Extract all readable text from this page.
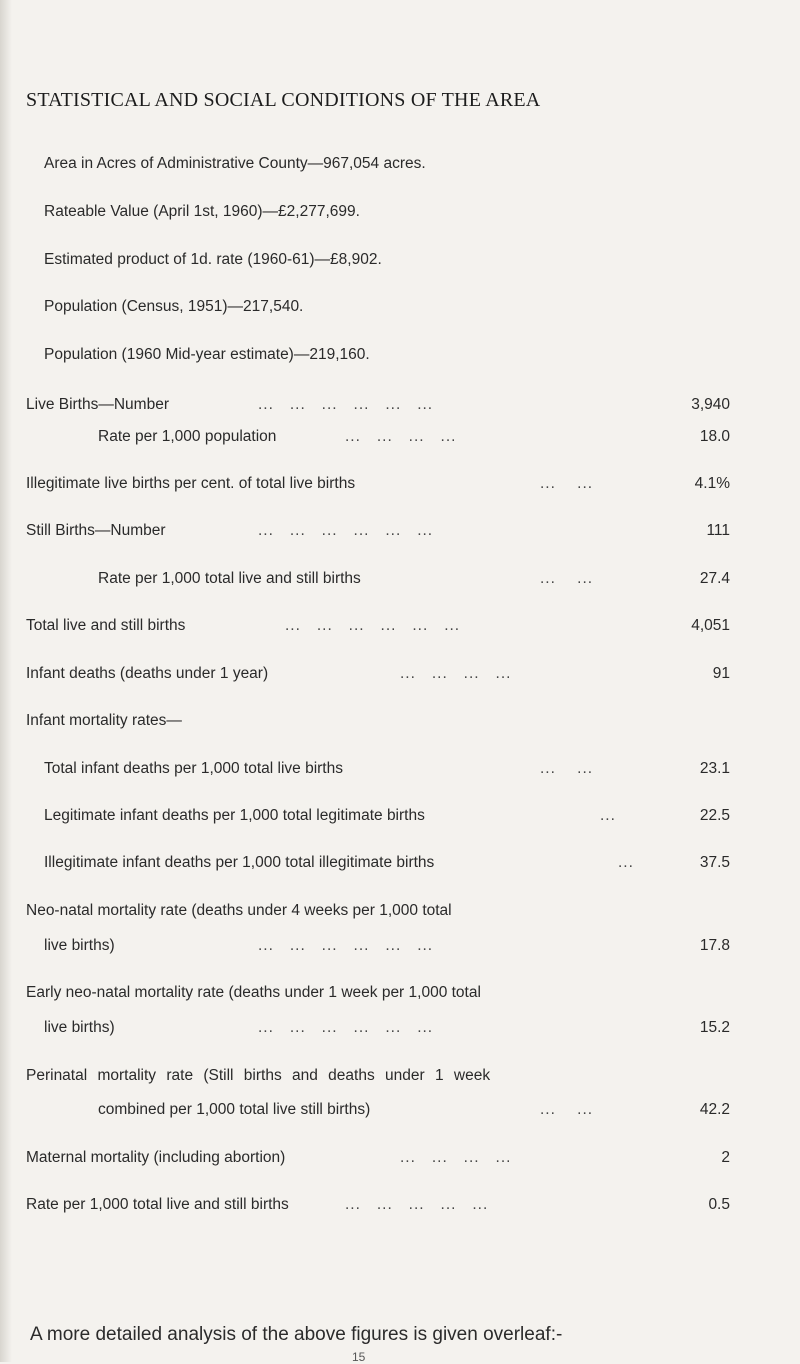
STATISTICAL AND SOCIAL CONDITIONS OF THE AREA
Area in Acres of Administrative County—967,054 acres.
Rateable Value (April 1st, 1960)—£2,277,699.
Estimated product of 1d. rate (1960-61)—£8,902.
Population (Census, 1951)—217,540.
Population (1960 Mid-year estimate)—219,160.
Live Births—Number	...   ...   ...   ...   ...   ...	3,940
Rate per 1,000 population	...   ...   ...   ...	18.0
Illegitimate live births per cent. of total live births	...    ...	4.1%
Still Births—Number	...   ...   ...   ...   ...   ...	111
Rate per 1,000 total live and still births	...    ...	27.4
Total live and still births	...   ...   ...   ...   ...   ...	4,051
Infant deaths (deaths under 1 year)	...   ...   ...   ...	91
Infant mortality rates—
Total infant deaths per 1,000 total live births	...    ...	23.1
Legitimate infant deaths per 1,000 total legitimate births	...	22.5
Illegitimate infant deaths per 1,000 total illegitimate births	...	37.5
Neo-natal mortality rate (deaths under 4 weeks per 1,000 total
live births)	...   ...   ...   ...   ...   ...	17.8
Early neo-natal mortality rate (deaths under 1 week per 1,000 total
live births)	...   ...   ...   ...   ...   ...	15.2
Perinatal mortality rate (Still births and deaths under 1 week
combined per 1,000 total live still births)	...    ...	42.2
Maternal mortality (including abortion)	...   ...   ...   ...	2
Rate per 1,000 total live and still births	...   ...   ...   ...   ...	0.5
A more detailed analysis of the above figures is given overleaf:-
15
